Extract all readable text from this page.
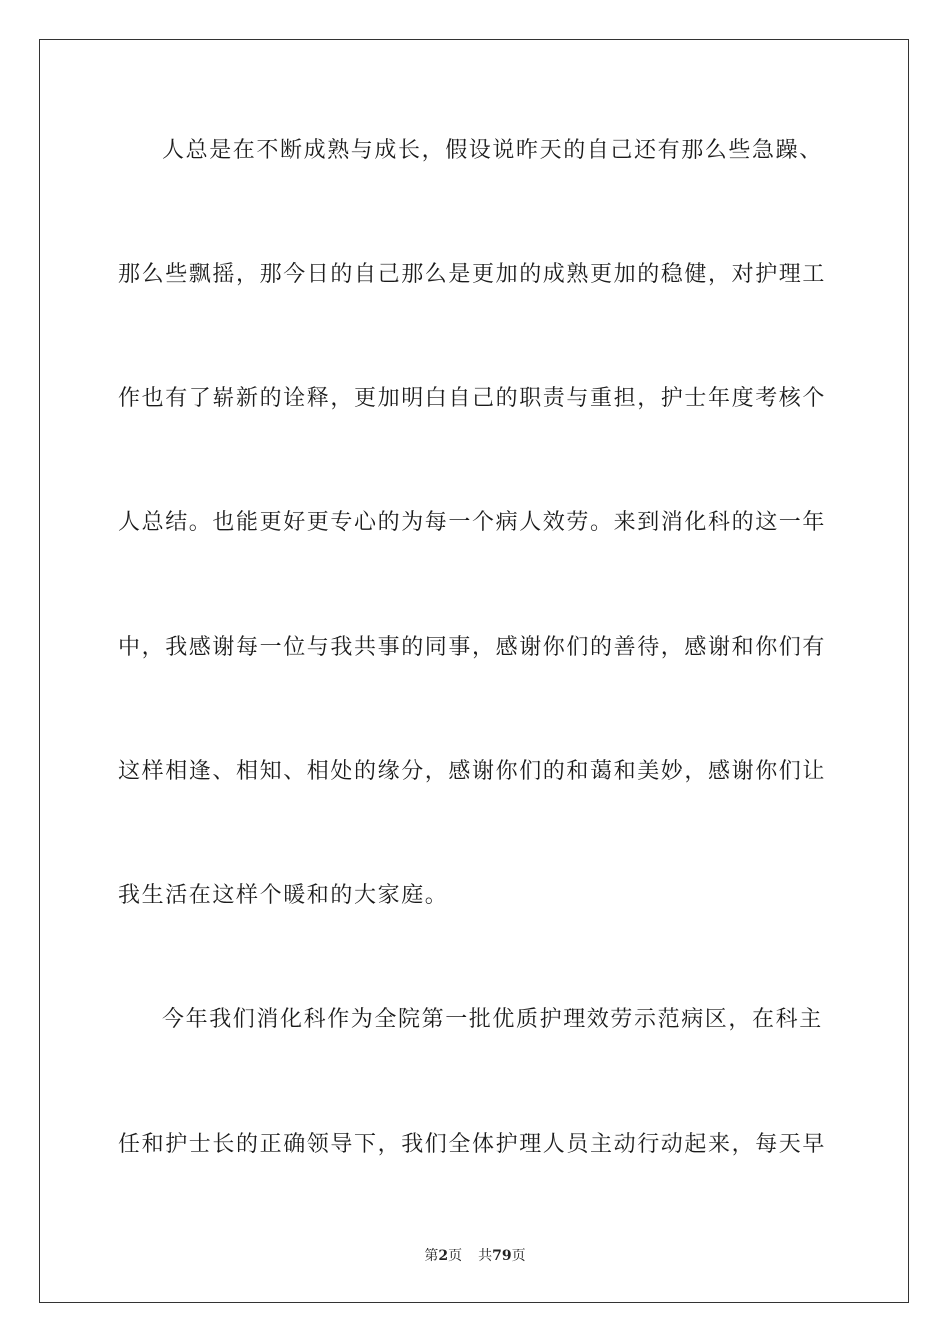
人总是在不断成熟与成长，假设说昨天的自己还有那么些急躁、
那么些飘摇，那今日的自己那么是更加的成熟更加的稳健，对护理工
作也有了崭新的诠释，更加明白自己的职责与重担，护士年度考核个
人总结。也能更好更专心的为每一个病人效劳。来到消化科的这一年
中，我感谢每一位与我共事的同事，感谢你们的善待，感谢和你们有
这样相逢、相知、相处的缘分，感谢你们的和蔼和美妙，感谢你们让
我生活在这样个暖和的大家庭。
今年我们消化科作为全院第一批优质护理效劳示范病区，在科主
任和护士长的正确领导下，我们全体护理人员主动行动起来，每天早
第2页 共79页
